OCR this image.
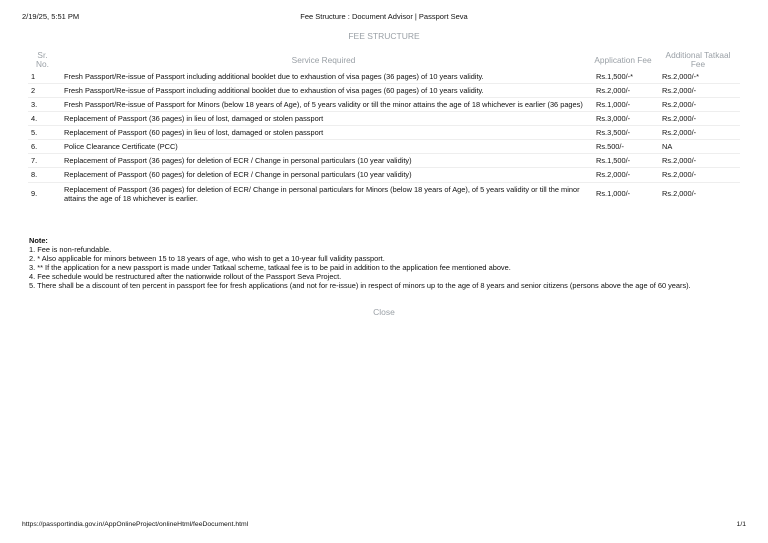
2/19/25, 5:51 PM	Fee Structure : Document Advisor | Passport Seva
FEE STRUCTURE
Sr. No.	Service Required	Application Fee	Additional Tatkaal Fee
1	Fresh Passport/Re-issue of Passport including additional booklet due to exhaustion of visa pages (36 pages) of 10 years validity.	Rs.1,500/-*	Rs.2,000/-*
2	Fresh Passport/Re-issue of Passport including additional booklet due to exhaustion of visa pages (60 pages) of 10 years validity.	Rs.2,000/-	Rs.2,000/-
3.	Fresh Passport/Re-issue of Passport for Minors (below 18 years of Age), of 5 years validity or till the minor attains the age of 18 whichever is earlier (36 pages)	Rs.1,000/-	Rs.2,000/-
4.	Replacement of Passport (36 pages) in lieu of lost, damaged or stolen passport	Rs.3,000/-	Rs.2,000/-
5.	Replacement of Passport (60 pages) in lieu of lost, damaged or stolen passport	Rs.3,500/-	Rs.2,000/-
6.	Police Clearance Certificate (PCC)	Rs.500/-	NA
7.	Replacement of Passport (36 pages) for deletion of ECR / Change in personal particulars (10 year validity)	Rs.1,500/-	Rs.2,000/-
8.	Replacement of Passport (60 pages) for deletion of ECR / Change in personal particulars (10 year validity)	Rs.2,000/-	Rs.2,000/-
9.	Replacement of Passport (36 pages) for deletion of ECR/ Change in personal particulars for Minors (below 18 years of Age), of 5 years validity or till the minor attains the age of 18 whichever is earlier.	Rs.1,000/-	Rs.2,000/-
Note:
1. Fee is non-refundable.
2. * Also applicable for minors between 15 to 18 years of age, who wish to get a 10-year full validity passport.
3. ** If the application for a new passport is made under Tatkaal scheme, tatkaal fee is to be paid in addition to the application fee mentioned above.
4. Fee schedule would be restructured after the nationwide rollout of the Passport Seva Project.
5. There shall be a discount of ten percent in passport fee for fresh applications (and not for re-issue) in respect of minors up to the age of 8 years and senior citizens (persons above the age of 60 years).
Close
https://passportindia.gov.in/AppOnlineProject/onlineHtml/feeDocument.html	1/1
